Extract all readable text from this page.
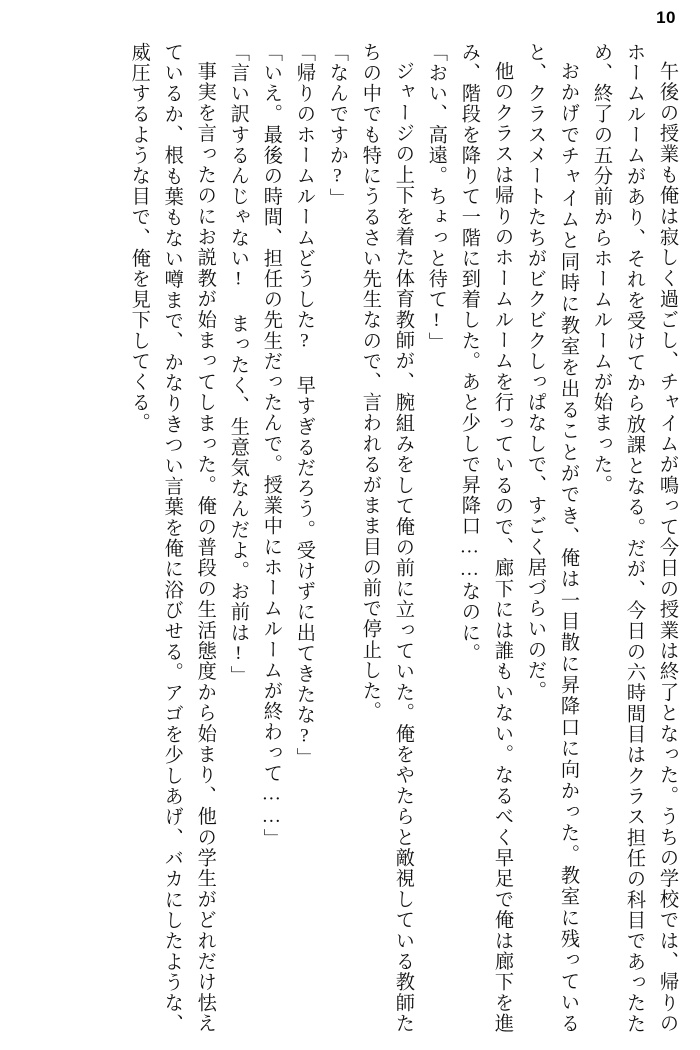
10

午後の授業も俺は寂しく過ごし、チャイムが鳴って今日の授業は終了となった。うちの学校では、帰りのホームルームがあり、それを受けてから放課となる。だが、今日の六時間目はクラス担任の科目であったため、終了の五分前からホームルームが始まった。

おかげでチャイムと同時に教室を出ることができ、俺は一目散に昇降口に向かった。教室に残っていると、クラスメートたちがビクビクしっぱなしで、すごく居づらいのだ。

他のクラスは帰りのホームルームを行っているので、廊下には誰もいない。なるべく早足で俺は廊下を進み、階段を降りて一階に到着した。あと少しで昇降口……なのに。

「おい、高遠。ちょっと待て!」

ジャージの上下を着た体育教師が、腕組みをして俺の前に立っていた。俺をやたらと敵視している教師たちの中でも特にうるさい先生なので、言われるがまま目の前で停止した。

「なんですか?」

「帰りのホームルームどうした? 早すぎるだろう。受けずに出てきたな?」

「いえ。最後の時間、担任の先生だったんで。授業中にホームルームが終わって……」

「言い訳するんじゃない! まったく、生意気なんだよ。お前は!」

事実を言ったのにお説教が始まってしまった。俺の普段の生活態度から始まり、他の学生がどれだけ怯えているか、根も葉もない噂まで、かなりきつい言葉を俺に浴びせる。アゴを少しあげ、バカにしたような、威圧するような目で、俺を見下してくる。
